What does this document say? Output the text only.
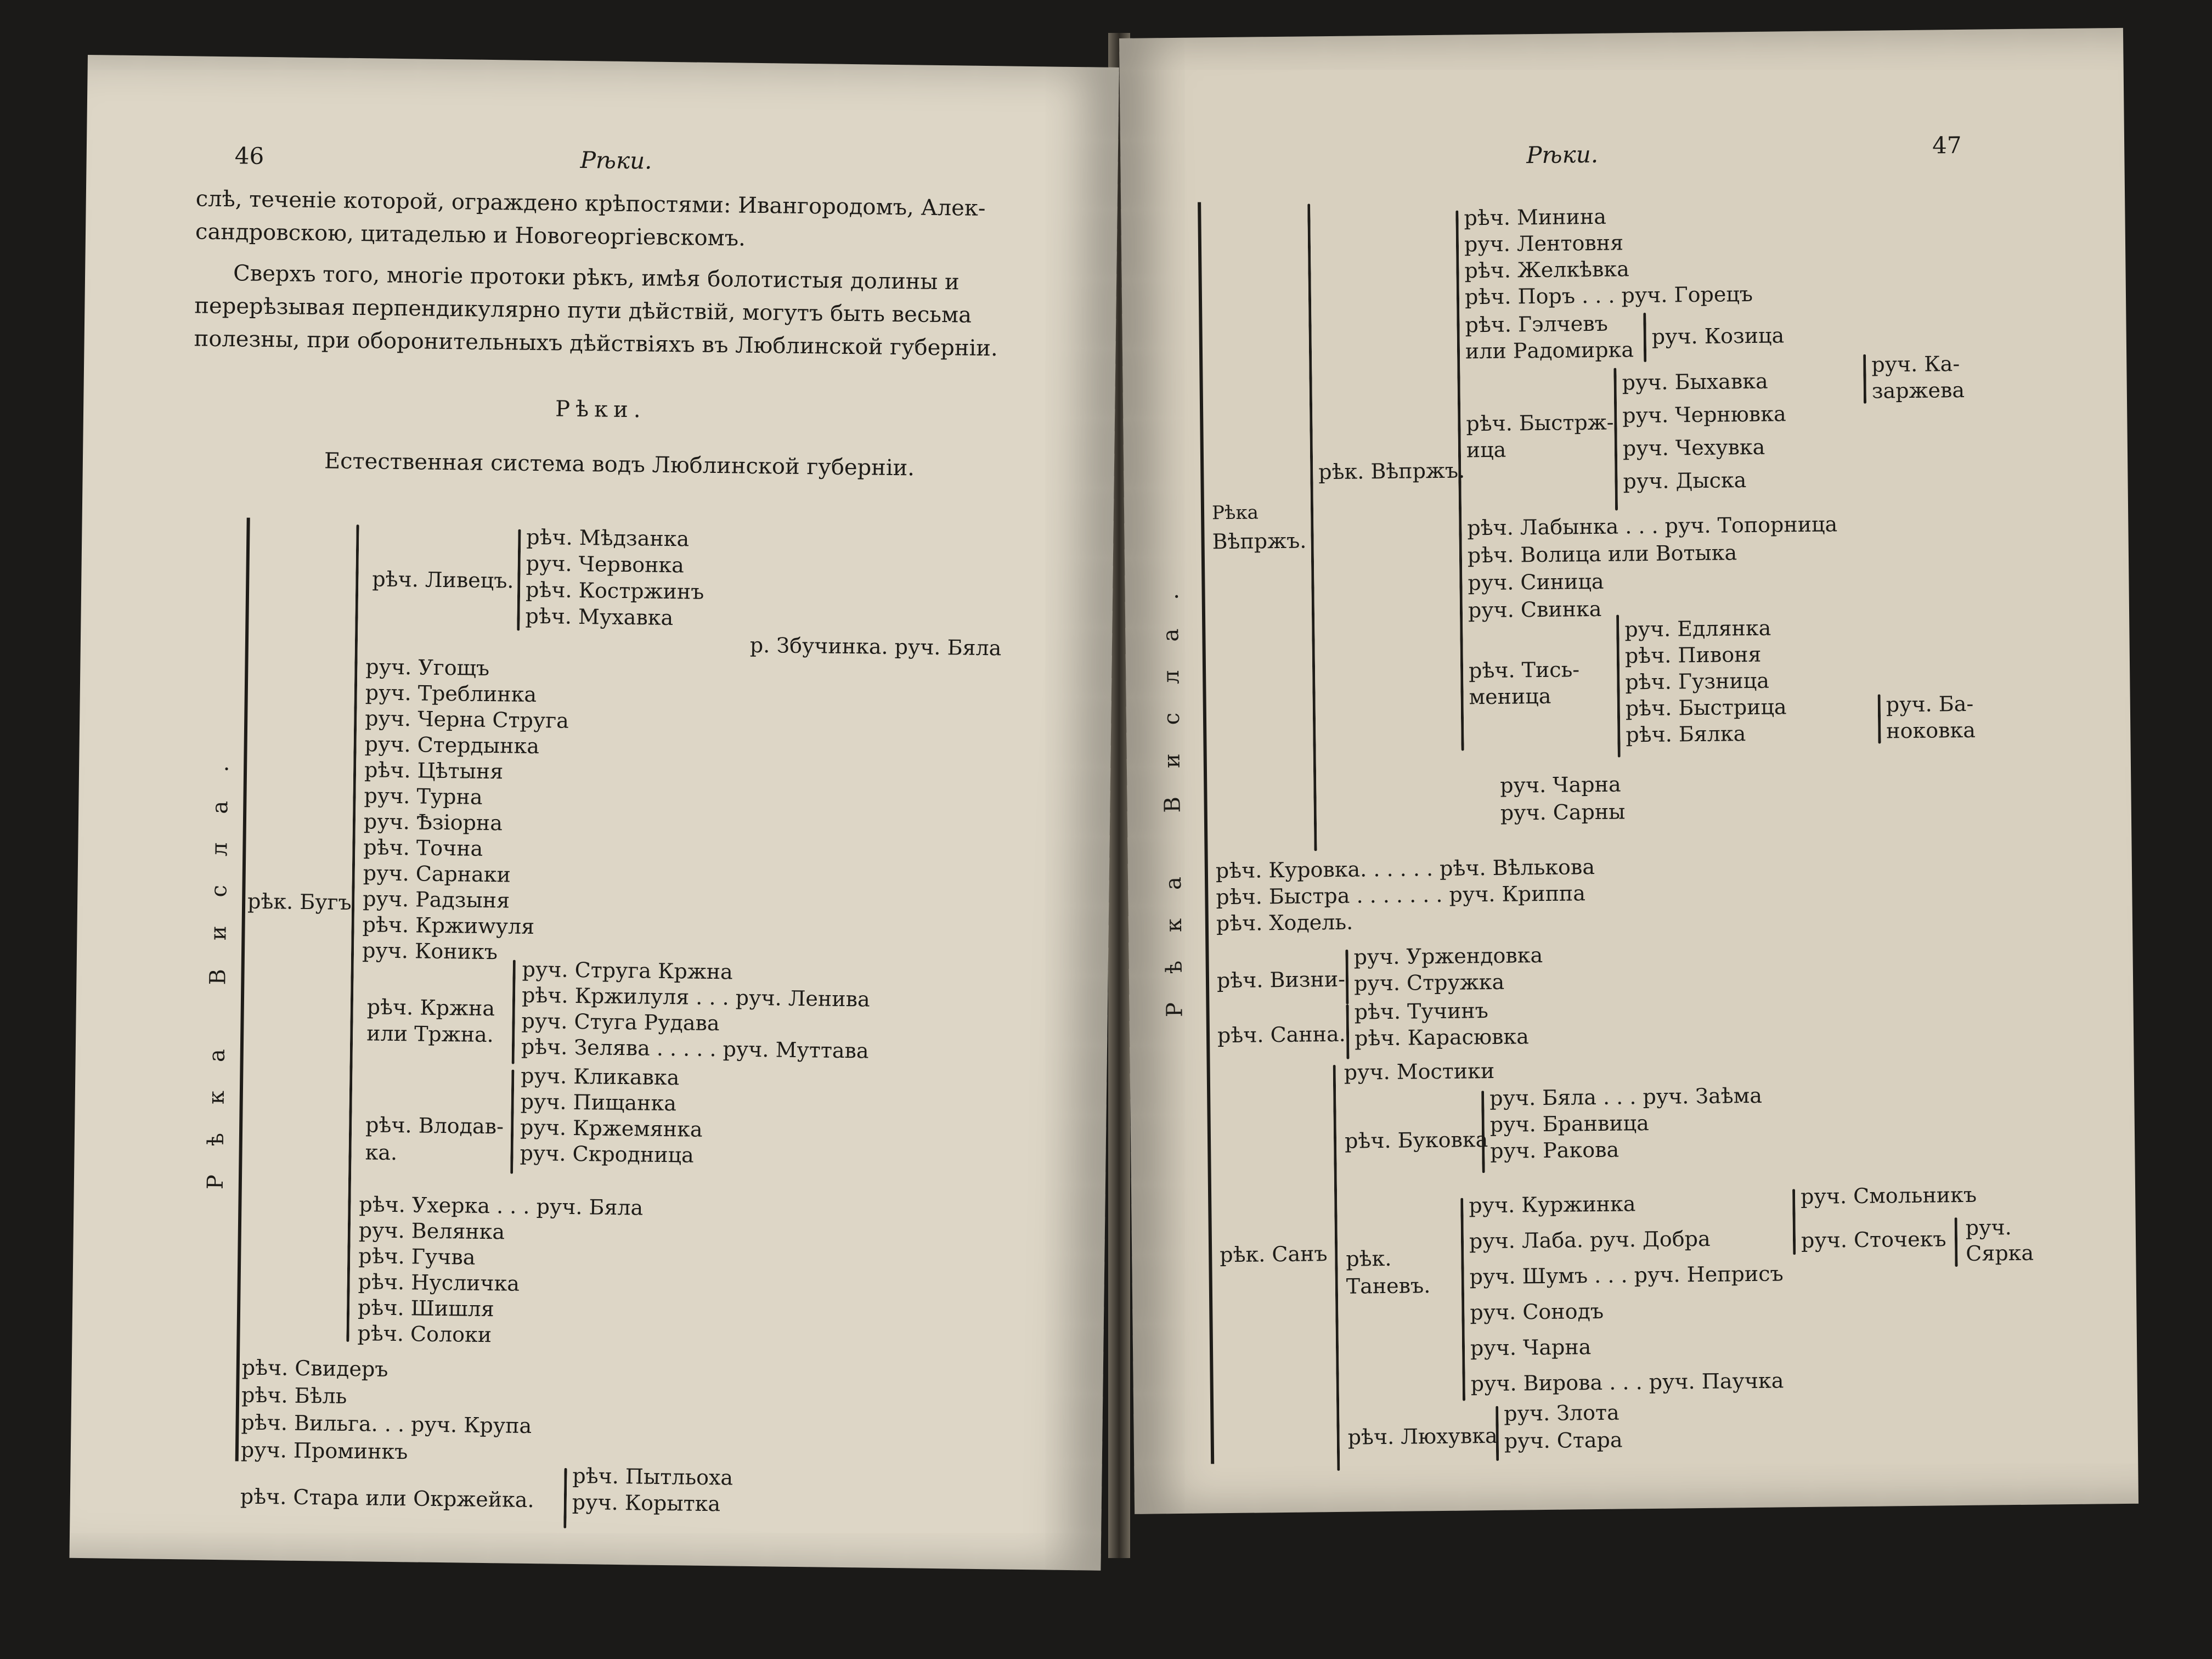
46	Рѣки.
слѣ, теченіе которой, ограждено крѣпостями: Ивангородомъ, Алек-
сандровскою, цитаделью и Новогеоргіевскомъ.
Сверхъ того, многіе протоки рѣкъ, имѣя болотистыя долины и
перерѣзывая перпендикулярно пути дѣйствій, могутъ быть весьма
полезны, при оборонительныхъ дѣйствіяхъ въ Люблинской губерніи.
Рѣки.
Естественная система водъ Люблинской губерніи.
Рѣка Висла. рѣк. Бугъ
рѣч. Ливецъ.
рѣч. Мѣдзанка
руч. Червонка
рѣч. Костржинъ
рѣч. Мухавка
р. Збучинка. руч. Бяла
руч. Угощъ
руч. Треблинка
руч. Черна Струга
руч. Стердынка
рѣч. Цѣтыня
руч. Турна
руч. Ѣзіорна
рѣч. Точна
руч. Сарнаки
руч. Радзыня
рѣч. Кржиwуля
руч. Коникъ
рѣч. Кржна
или Тржна.
руч. Струга Кржна
рѣч. Кржилуля . . . руч. Ленива
руч. Стуга Рудава
рѣч. Зелява . . . . . руч. Муттава
рѣч. Влодав-
ка.
руч. Кликавка
руч. Пищанка
руч. Кржемянка
руч. Скродница
рѣч. Ухерка . . . руч. Бяла
руч. Велянка
рѣч. Гучва
рѣч. Нусличка
рѣч. Шишля
рѣч. Солоки
рѣч. Свидеръ
рѣч. Бѣль
рѣч. Вильга. . . руч. Крупа
руч. Проминкъ
рѣч. Стара или Окржейка.
рѣч. Пытльоха
руч. Корытка
Рѣки.	47
Рѣка Висла.
Рѣка
Вѣпржъ.
рѣк. Вѣпржъ.
рѣч. Минина
руч. Лентовня
рѣч. Желкѣвка
рѣч. Поръ . . . руч. Горецъ
рѣч. Гэлчевъ
или Радомирка
руч. Козица
рѣч. Быстрж-
ица
руч. Быхавка
руч. Чернювка
руч. Чехувка
руч. Дыска
руч. Ка-
заржева
рѣч. Лабынка . . . руч. Топорница
рѣч. Волица или Вотыка
руч. Синица
руч. Свинка
рѣч. Тись-
меница
руч. Едлянка
рѣч. Пивоня
рѣч. Гузница
рѣч. Быстрица
рѣч. Бялка
руч. Ба-
ноковка
руч. Чарна
руч. Сарны
рѣч. Куровка. . . . . . рѣч. Вѣлькова
рѣч. Быстра . . . . . . . руч. Криппа
рѣч. Ходель.
рѣч. Визни-
руч. Уржендовка
руч. Стружка
рѣч. Санна.
рѣч. Тучинъ
рѣч. Карасювка
рѣк. Санъ
руч. Мостики
рѣч. Буковка
руч. Бяла . . . руч. Заѣма
руч. Бранвица
руч. Ракова
рѣк.
Таневъ.
руч. Куржинка
руч. Лаба. руч. Добра
руч. Шумъ . . . руч. Неприсъ
руч. Сонодъ
руч. Чарна
руч. Вирова . . . руч. Паучка
руч. Смольникъ
руч. Сточекъ руч.
Сярка
рѣч. Люхувка
руч. Злота
руч. Стара
